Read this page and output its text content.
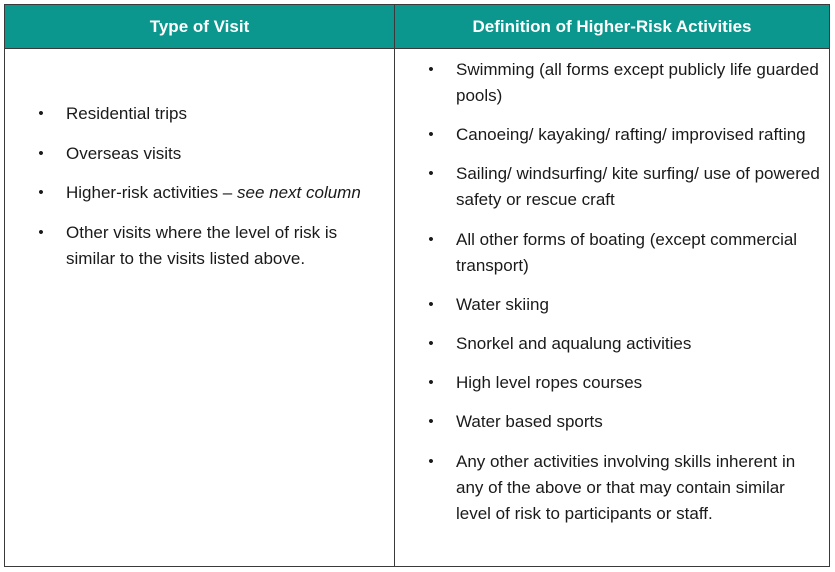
Type of Visit	Definition of Higher-Risk Activities
• Residential trips
• Overseas visits
• Higher-risk activities – see next column
• Other visits where the level of risk is similar to the visits listed above.
• Swimming (all forms except publicly life guarded pools)
• Canoeing/ kayaking/ rafting/ improvised rafting
• Sailing/ windsurfing/ kite surfing/ use of powered safety or rescue craft
• All other forms of boating (except commercial transport)
• Water skiing
• Snorkel and aqualung activities
• High level ropes courses
• Water based sports
• Any other activities involving skills inherent in any of the above or that may contain similar level of risk to participants or staff.
